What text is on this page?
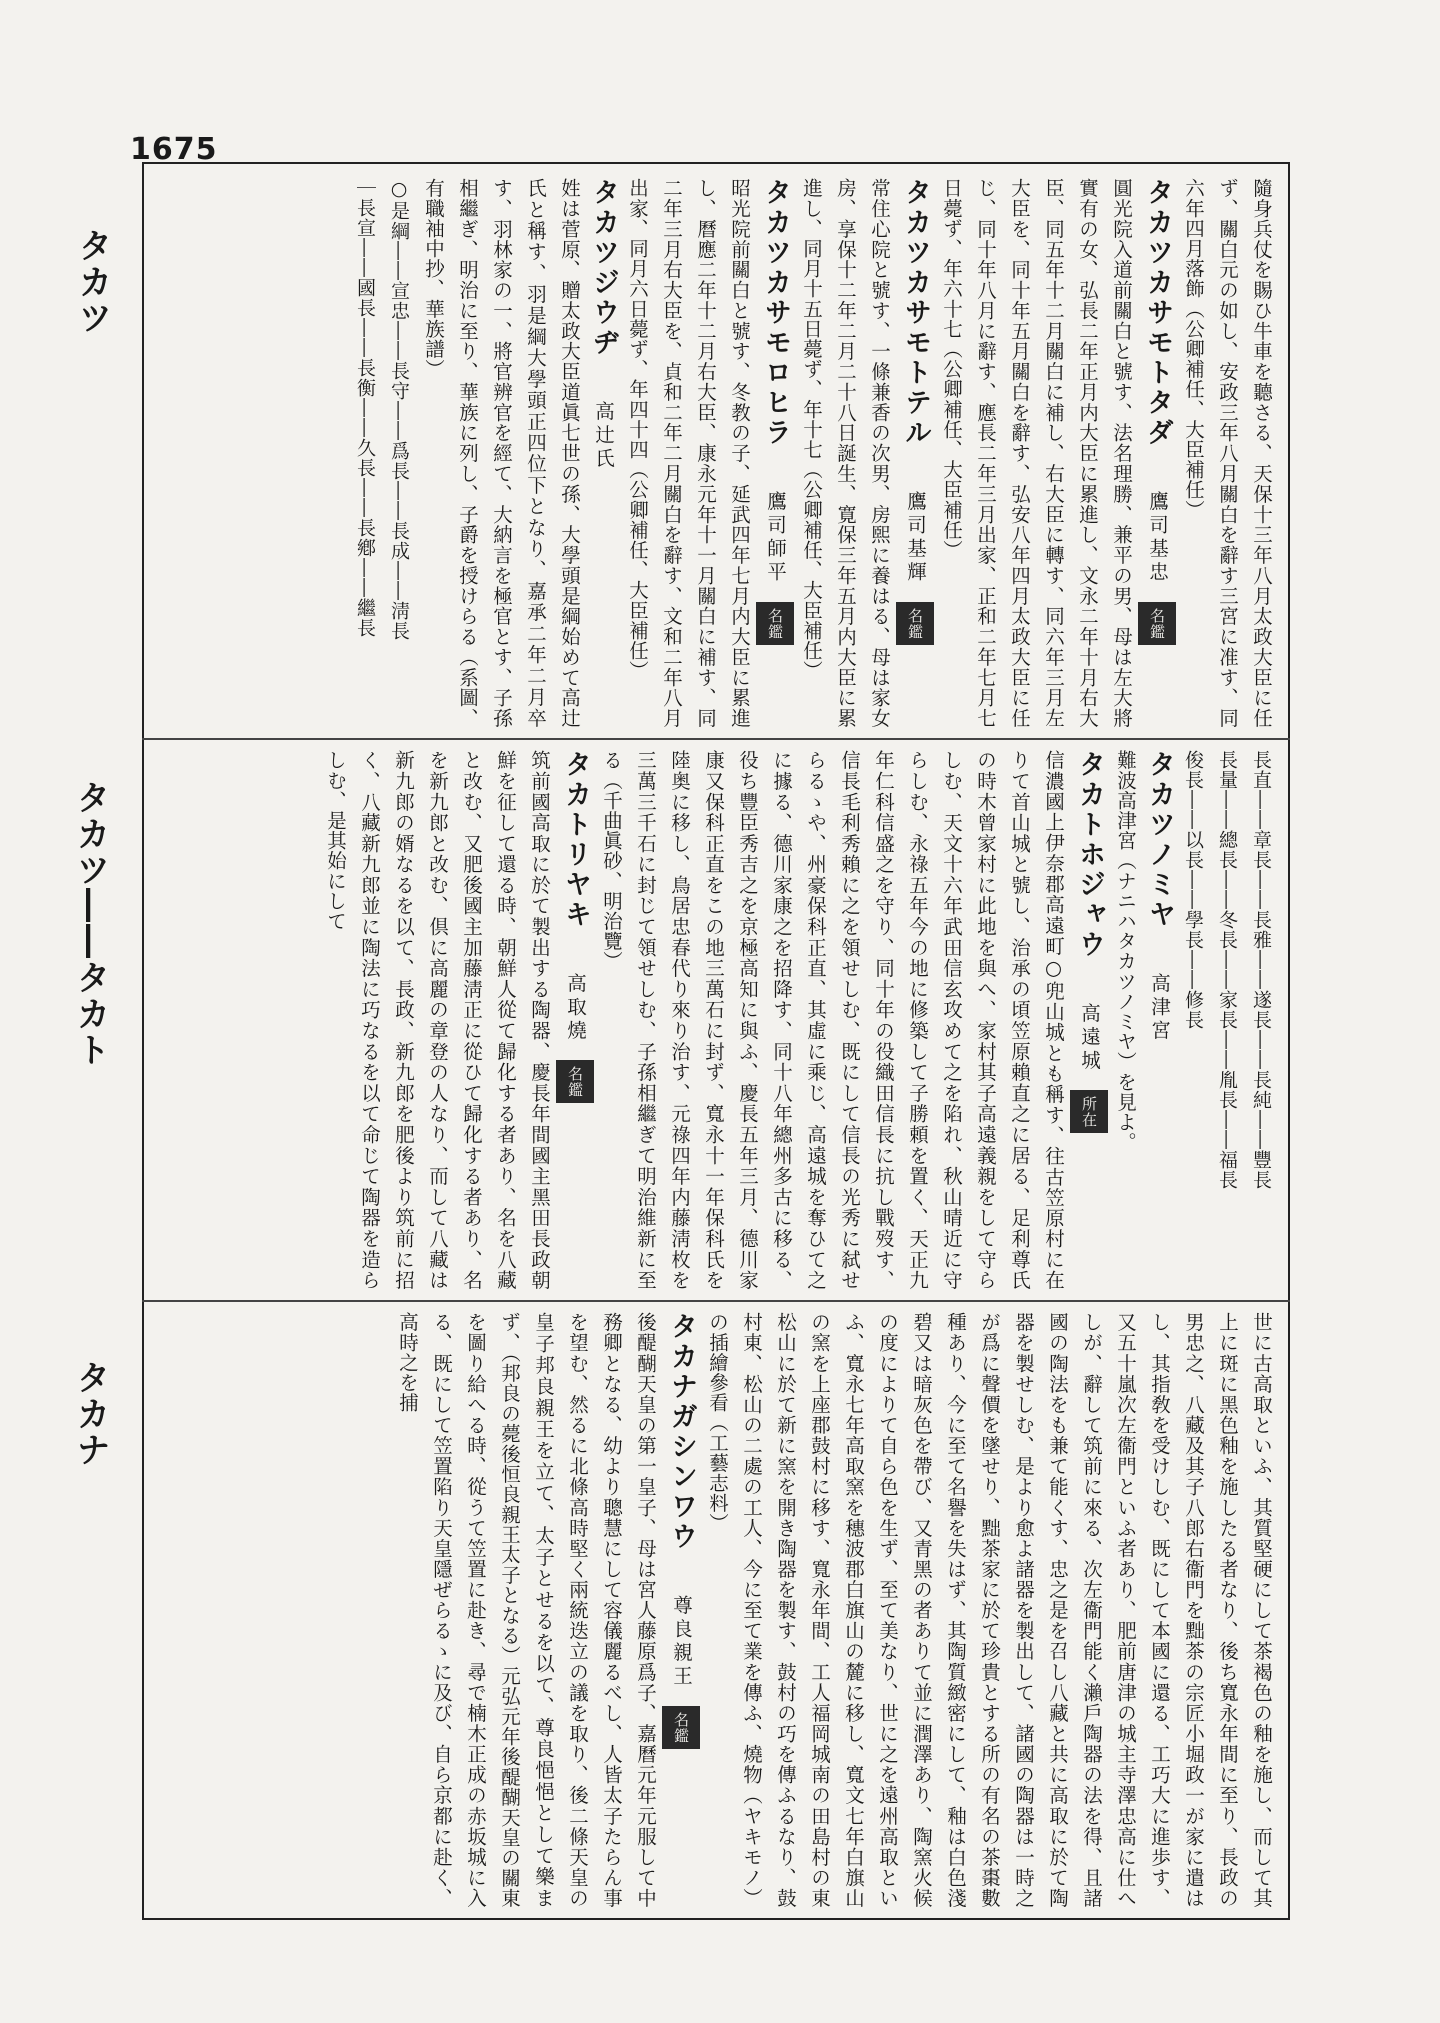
1675
タカツ
タカツ――タカト
タカナ
隨身兵仗を賜ひ牛車を聽さる、天保十三年八月太政大臣に任ず、關白元の如し、安政三年八月關白を辭す三宮に准す、同六年四月落飾（公卿補任、大臣補任）
タカツカサモトタダ 鷹司基忠 名鑑
圓光院入道前關白と號す、法名理勝、兼平の男、母は左大將實有の女、弘長二年正月内大臣に累進し、文永二年十月右大臣、同五年十二月關白に補し、右大臣に轉す、同六年三月左大臣を、同十年五月關白を辭す、弘安八年四月太政大臣に任じ、同十年八月に辭す、應長二年三月出家、正和二年七月七日薨ず、年六十七（公卿補任、大臣補任）
タカツカサモトテル 鷹司基輝 名鑑
常住心院と號す、一條兼香の次男、房煕に養はる、母は家女房、享保十二年二月二十八日誕生、寛保三年五月内大臣に累進し、同月十五日薨ず、年十七（公卿補任、大臣補任）
タカツカサモロヒラ 鷹司師平 名鑑
昭光院前關白と號す、冬教の子、延武四年七月内大臣に累進し、曆應二年十二月右大臣、康永元年十一月關白に補す、同二年三月右大臣を、貞和二年二月關白を辭す、文和二年八月出家、同月六日薨ず、年四十四（公卿補任、大臣補任）
タカツジウヂ 高辻氏
姓は菅原、贈太政大臣道眞七世の孫、大學頭是綱始めて高辻氏と稱す、羽是綱大學頭正四位下となり、嘉承二年二月卒す、羽林家の一、將官辨官を經て、大納言を極官とす、子孫相繼ぎ、明治に至り、華族に列し、子爵を授けらる（系圖、有職袖中抄、華族譜）
○是綱――宣忠――長守――爲長――長成――淸長
｜長宣――國長――長衡――久長――長鄕――繼長
長直――章長――長雅――遂長――長純――豐長
長量――總長――冬長――家長――胤長――福長
俊長――以長――學長――修長
タカツノミヤ 高津宮
難波高津宮（ナニハタカツノミヤ）を見よ。
タカトホジャウ 高遠城 所在
信濃國上伊奈郡高遠町○兜山城とも稱す、往古笠原村に在りて首山城と號し、治承の頃笠原賴直之に居る、足利尊氏の時木曾家村に此地を與へ、家村其子高遠義親をして守らしむ、天文十六年武田信玄攻めて之を陷れ、秋山晴近に守らしむ、永祿五年今の地に修築して子勝頼を置く、天正九年仁科信盛之を守り、同十年の役織田信長に抗し戰歿す、信長毛利秀賴に之を領せしむ、既にして信長の光秀に弑せらるゝや、州豪保科正直、其虛に乘じ、高遠城を奪ひて之に據る、德川家康之を招降す、同十八年總州多古に移る、役ち豐臣秀吉之を京極高知に與ふ、慶長五年三月、德川家康又保科正直をこの地三萬石に封ず、寬永十一年保科氏を陸奥に移し、鳥居忠春代り來り治す、元祿四年内藤淸枚を三萬三千石に封じて領せしむ、子孫相繼ぎて明治維新に至る（千曲眞砂、明治覽）
タカトリヤキ 高取燒 名鑑
筑前國高取に於て製出する陶器、慶長年間國主黑田長政朝鮮を征して還る時、朝鮮人從て歸化する者あり、名を八藏と改む、又肥後國主加藤淸正に從ひて歸化する者あり、名を新九郎と改む、倶に高麗の章登の人なり、而して八藏は新九郎の婿なるを以て、長政、新九郎を肥後より筑前に招く、八藏新九郎並に陶法に巧なるを以て命じて陶器を造らしむ、是其始にして
世に古高取といふ、其質堅硬にして茶褐色の釉を施し、而して其上に斑に黑色釉を施したる者なり、後ち寬永年間に至り、長政の男忠之、八藏及其子八郎右衞門を黜茶の宗匠小堀政一が家に遣はし、其指敎を受けしむ、既にして本國に還る、工巧大に進歩す、又五十嵐次左衞門といふ者あり、肥前唐津の城主寺澤忠高に仕へしが、辭して筑前に來る、次左衞門能く瀨戶陶器の法を得、且諸國の陶法をも兼て能くす、忠之是を召し八藏と共に高取に於て陶器を製せしむ、是より愈よ諸器を製出して、諸國の陶器は一時之が爲に聲價を墜せり、黜茶家に於て珍貴とする所の有名の茶棗數種あり、今に至て名譽を失はず、其陶質緻密にして、釉は白色淺碧又は暗灰色を帶び、又青黑の者ありて並に潤澤あり、陶窯火候の度によりて自ら色を生ず、至て美なり、世に之を遠州高取といふ、寬永七年高取窯を穗波郡白旗山の麓に移し、寬文七年白旗山の窯を上座郡鼓村に移す、寬永年間、工人福岡城南の田島村の東松山に於て新に窯を開き陶器を製す、鼓村の巧を傳ふるなり、鼓村東、松山の二處の工人、今に至て業を傳ふ、燒物（ヤキモノ）の插繪參看（工藝志料）
タカナガシンワウ 尊良親王 名鑑
後醍醐天皇の第一皇子、母は宮人藤原爲子、嘉曆元年元服して中務卿となる、幼より聰慧にして容儀麗るべし、人皆太子たらん事を望む、然るに北條高時堅く兩統迭立の議を取り、後二條天皇の皇子邦良親王を立て、太子とせるを以て、尊良悒悒として樂まず、（邦良の薨後恒良親王太子となる）元弘元年後醍醐天皇の關東を圖り給へる時、從うて笠置に赴き、尋で楠木正成の赤坂城に入る、既にして笠置陷り天皇隱ぜらるゝに及び、自ら京都に赴く、高時之を捕
